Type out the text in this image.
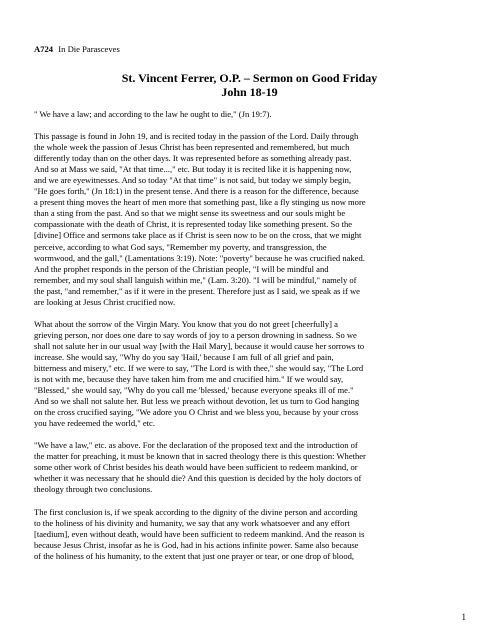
A724 In Die Parasceves
St. Vincent Ferrer, O.P. – Sermon on Good Friday
John 18-19
" We have a law; and according to the law he ought to die," (Jn 19:7).
This passage is found in John 19, and is recited today in the passion of the Lord. Daily through
the whole week the passion of Jesus Christ has been represented and remembered, but much
differently today than on the other days. It was represented before as something already past.
And so at Mass we said, "At that time...," etc. But today it is recited like it is happening now,
and we are eyewitnesses. And so today "At that time" is not said, but today we simply begin,
"He goes forth," (Jn 18:1) in the present tense. And there is a reason for the difference, because
a present thing moves the heart of men more that something past, like a fly stinging us now more
than a sting from the past. And so that we might sense its sweetness and our souls might be
compassionate with the death of Christ, it is represented today like something present. So the
[divine] Office and sermons take place as if Christ is seen now to be on the cross, that we might
perceive, according to what God says, "Remember my poverty, and transgression, the
wormwood, and the gall," (Lamentations 3:19). Note: "poverty" because he was crucified naked.
And the prophet responds in the person of the Christian people, "I will be mindful and
remember, and my soul shall languish within me," (Lam. 3:20). "I will be mindful," namely of
the past, "and remember," as if it were in the present. Therefore just as I said, we speak as if we
are looking at Jesus Christ crucified now.
What about the sorrow of the Virgin Mary. You know that you do not greet [cheerfully] a
grieving person, nor does one dare to say words of joy to a person drowning in sadness. So we
shall not salute her in our usual way [with the Hail Mary], because it would cause her sorrows to
increase. She would say, "Why do you say 'Hail,' because I am full of all grief and pain,
bitterness and misery," etc. If we were to say, "The Lord is with thee," she would say, "The Lord
is not with me, because they have taken him from me and crucified him." If we would say,
"Blessed," she would say, "Why do you call me 'blessed,' because everyone speaks ill of me."
And so we shall not salute her. But less we preach without devotion, let us turn to God hanging
on the cross crucified saying, "We adore you O Christ and we bless you, because by your cross
you have redeemed the world," etc.
"We have a law," etc. as above. For the declaration of the proposed text and the introduction of
the matter for preaching, it must be known that in sacred theology there is this question: Whether
some other work of Christ besides his death would have been sufficient to redeem mankind, or
whether it was necessary that he should die? And this question is decided by the holy doctors of
theology through two conclusions.
The first conclusion is, if we speak according to the dignity of the divine person and according
to the holiness of his divinity and humanity, we say that any work whatsoever and any effort
[taedium], even without death, would have been sufficient to redeem mankind. And the reason is
because Jesus Christ, insofar as he is God, had in his actions infinite power. Same also because
of the holiness of his humanity, to the extent that just one prayer or tear, or one drop of blood,
1
